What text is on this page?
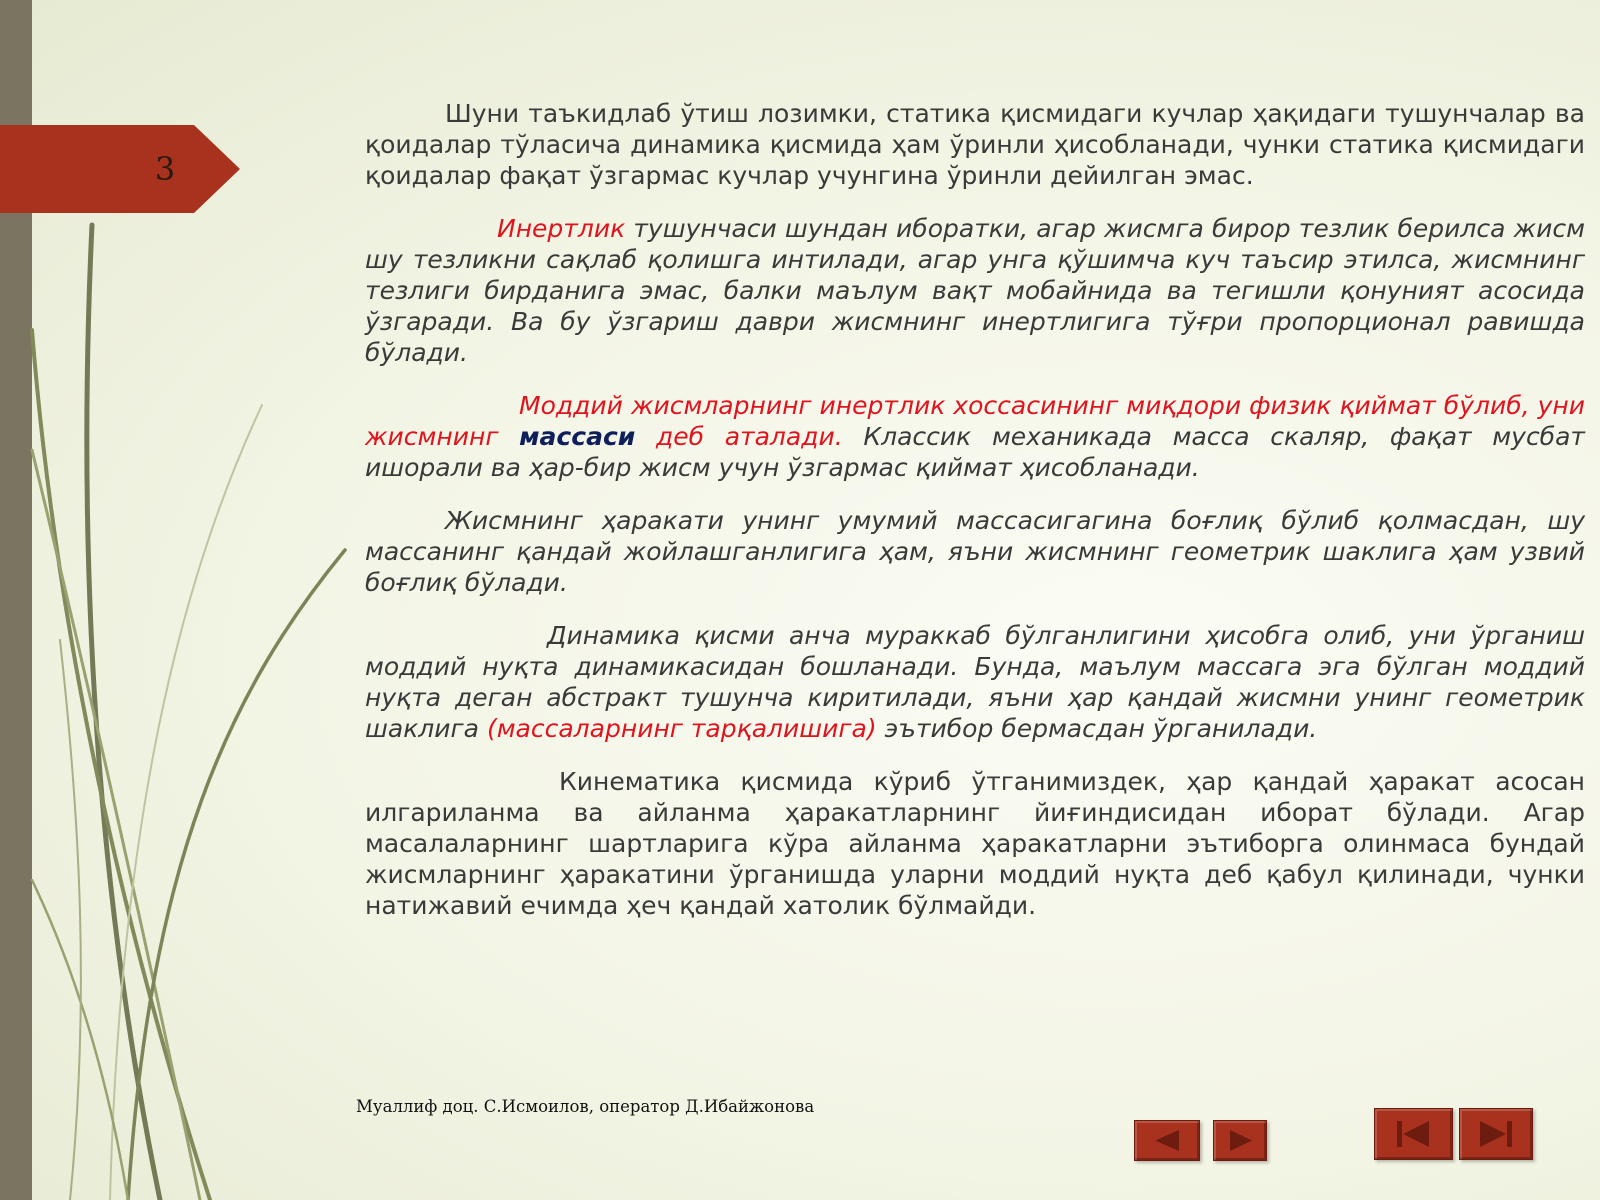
3

Шуни таъкидлаб ўтиш лозимки, статика қисмидаги кучлар ҳақидаги тушунчалар ва қоидалар тўласича динамика қисмида ҳам ўринли ҳисобланади, чунки статика қисмидаги қоидалар фақат ўзгармас кучлар учунгина ўринли дейилган эмас.

Инертлик тушунчаси шундан иборатки, агар жисмга бирор тезлик берилса жисм шу тезликни сақлаб қолишга интилади, агар унга қўшимча куч таъсир этилса, жисмнинг тезлиги бирданига эмас, балки маълум вақт мобайнида ва тегишли қонуният асосида ўзгаради. Ва бу ўзгариш даври жисмнинг инертлигига тўғри пропорционал равишда бўлади.

Моддий жисмларнинг инертлик хоссасининг миқдори физик қиймат бўлиб, уни жисмнинг массаси деб аталади. Классик механикада масса скаляр, фақат мусбат ишорали ва ҳар-бир жисм учун ўзгармас қиймат ҳисобланади.

Жисмнинг ҳаракати унинг умумий массасигагина боғлиқ бўлиб қолмасдан, шу массанинг қандай жойлашганлигига ҳам, яъни жисмнинг геометрик шаклига ҳам узвий боғлиқ бўлади.

Динамика қисми анча мураккаб бўлганлигини ҳисобга олиб, уни ўрганиш моддий нуқта динамикасидан бошланади. Бунда, маълум массага эга бўлган моддий нуқта деган абстракт тушунча киритилади, яъни ҳар қандай жисмни унинг геометрик шаклига (массаларнинг тарқалишига) эътибор бермасдан ўрганилади.

Кинематика қисмида кўриб ўтганимиздек, ҳар қандай ҳаракат асосан илгариланма ва айланма ҳаракатларнинг йиғиндисидан иборат бўлади. Агар масалаларнинг шартларига кўра айланма ҳаракатларни эътиборга олинмаса бундай жисмларнинг ҳаракатини ўрганишда уларни моддий нуқта деб қабул қилинади, чунки натижавий ечимда ҳеч қандай хатолик бўлмайди.

Муаллиф доц. С.Исмоилов, оператор Д.Ибайжонова
